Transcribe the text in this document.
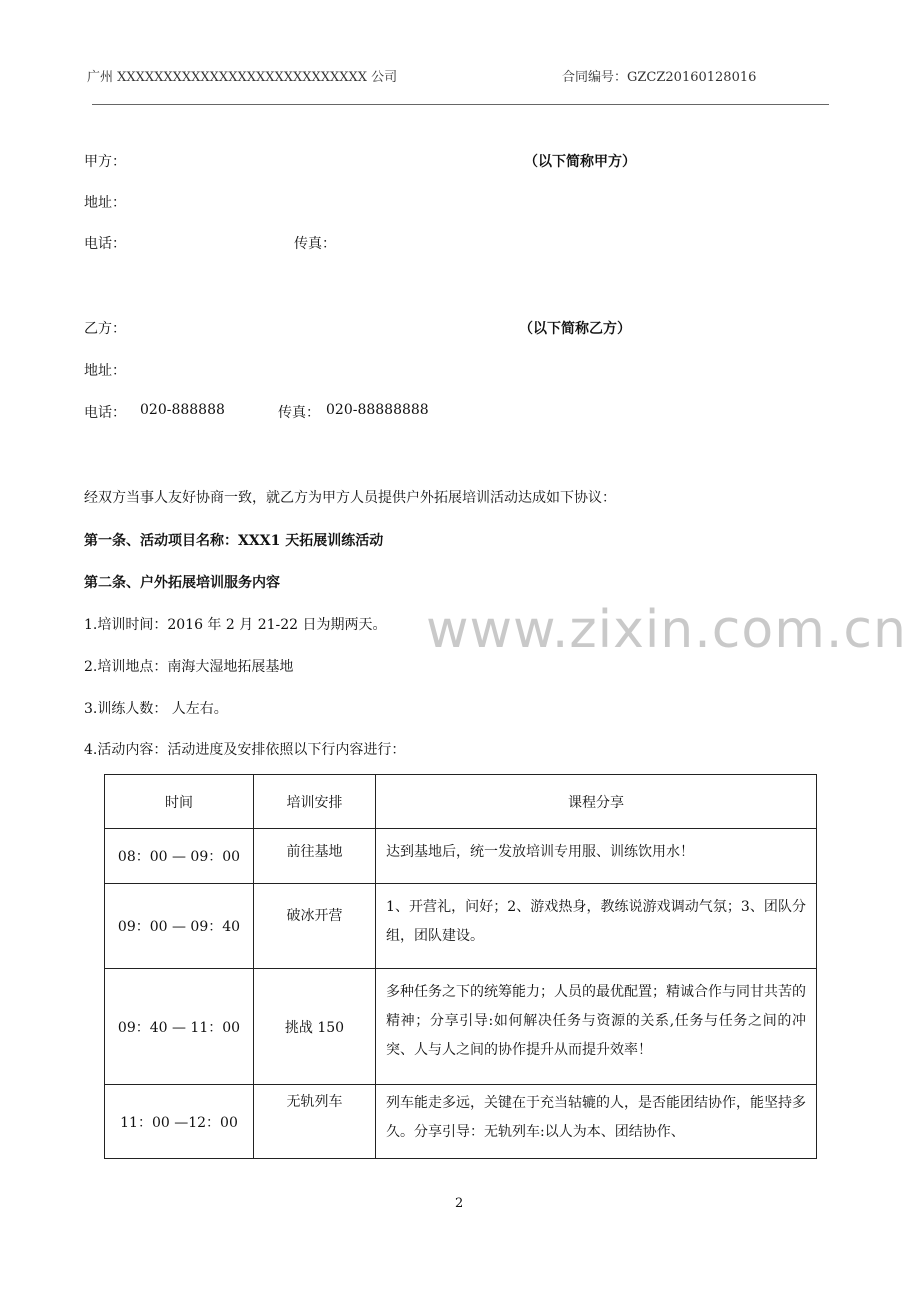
广州 XXXXXXXXXXXXXXXXXXXXXXXXXXX 公司	合同编号：GZCZ20160128016
甲方：	（以下简称甲方）
地址：
电话：	传真：
乙方：	（以下简称乙方）
地址：
电话： 020-888888	传真： 020-88888888
经双方当事人友好协商一致，就乙方为甲方人员提供户外拓展培训活动达成如下协议：
第一条、活动项目名称：XXX1 天拓展训练活动
第二条、户外拓展培训服务内容
1.培训时间：2016 年 2 月 21-22 日为期两天。
2.培训地点：南海大湿地拓展基地
3.训练人数： 人左右。
4.活动内容：活动进度及安排依照以下行内容进行：
www.zixin.com.cn
时间	培训安排	课程分享
08：00 — 09：00	前往基地	达到基地后，统一发放培训专用服、训练饮用水！
09：00 — 09：40	破冰开营	1、开营礼，问好；2、游戏热身，教练说游戏调动气氛；3、团队分组，团队建设。
09：40 — 11：00	挑战 150	多种任务之下的统筹能力；人员的最优配置；精诚合作与同甘共苦的精神；分享引导:如何解决任务与资源的关系,任务与任务之间的冲突、人与人之间的协作提升从而提升效率！
11：00 —12：00	无轨列车	列车能走多远，关键在于充当轱辘的人，是否能团结协作，能坚持多久。分享引导：无轨列车:以人为本、团结协作、
2
